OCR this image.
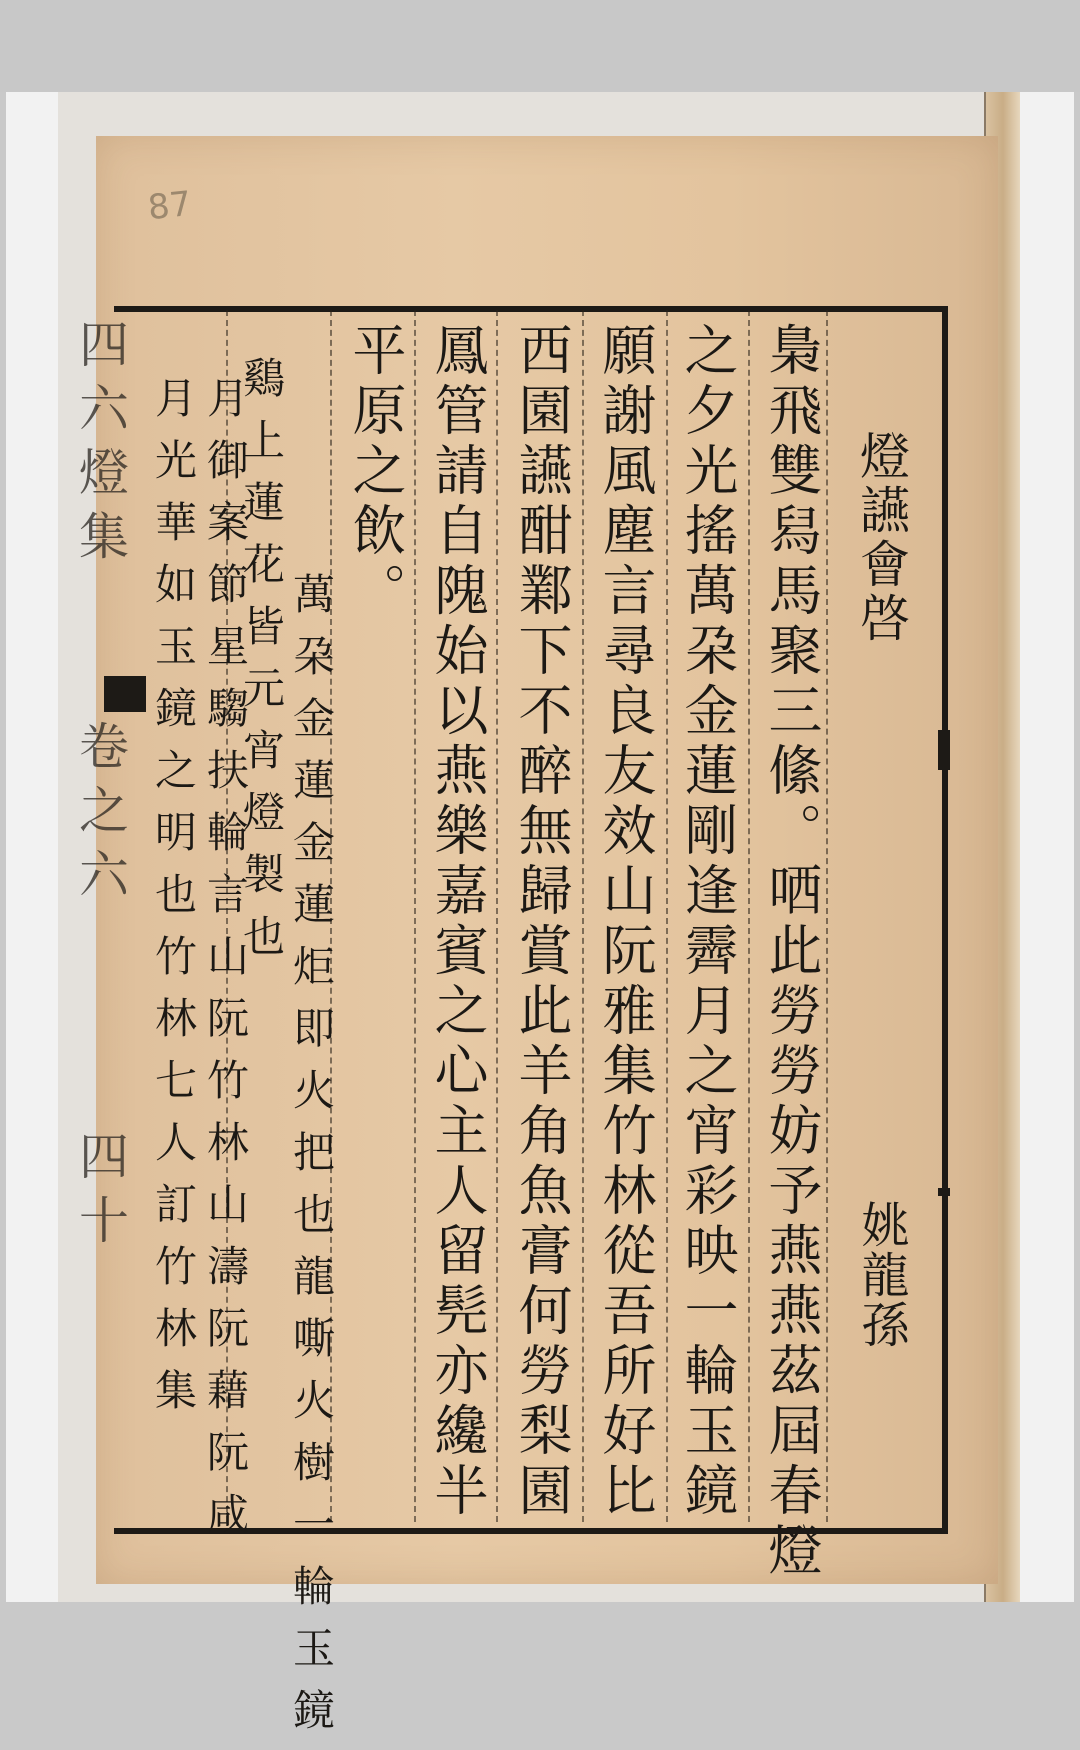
87
燈讌會啓
姚龍孫
梟飛雙舄馬聚三絛。哂此勞勞妨予燕燕茲屆春燈
之夕光搖萬朶金蓮剛逢霽月之宵彩映一輪玉鏡
願謝風塵言尋良友效山阮雅集竹林從吾所好比
西園讌酣鄴下不醉無歸賞此羊角魚膏何勞梨園
鳳管請自隗始以燕樂嘉賓之心主人留髡亦纔半
平原之飲。
萬朶金蓮金蓮炬即火把也龍嘶火樹一輪玉鏡
鷄上蓮花皆元宵燈製也
月御案節星騶扶輪言山阮竹林山濤阮藉阮咸
月光華如玉鏡之明也竹林七人訂竹林集
四六燈集
卷之六
四十
